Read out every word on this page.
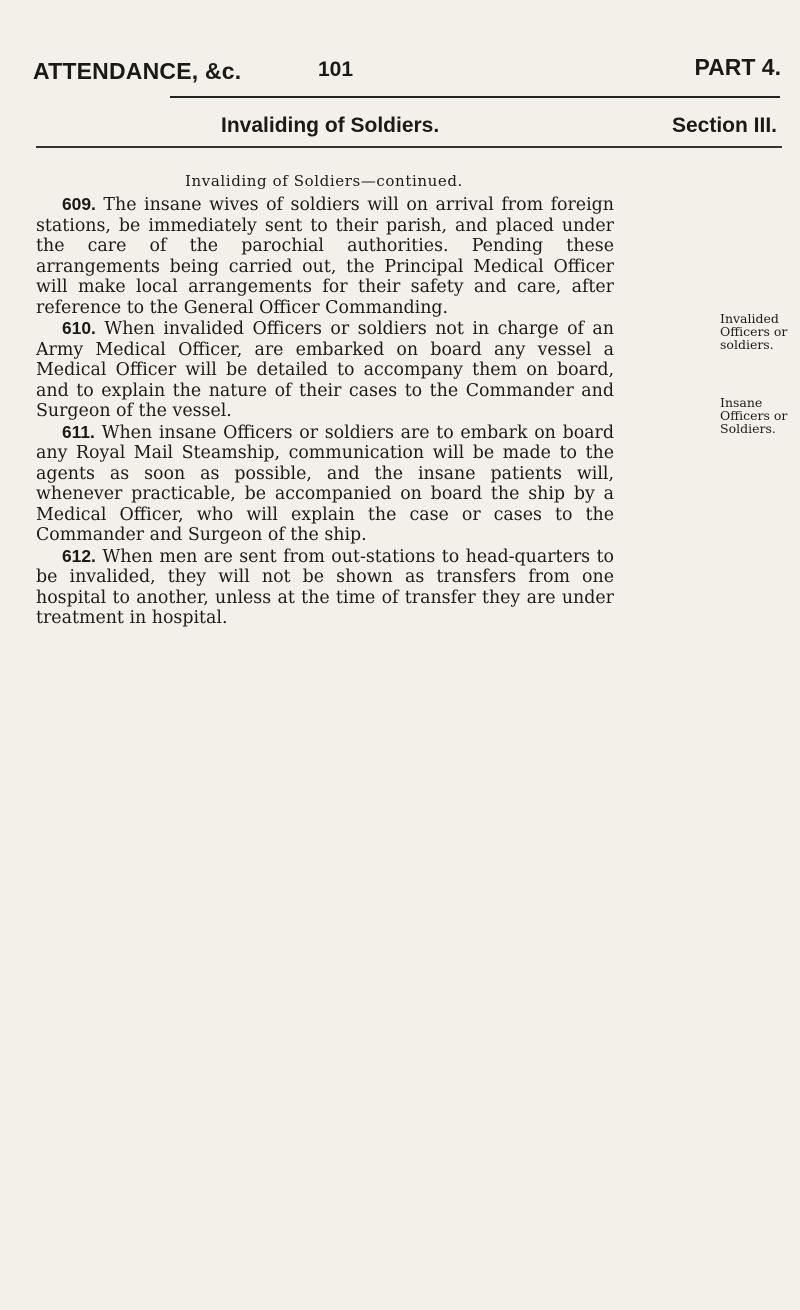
ATTENDANCE, &c.	101	PART 4.
Invaliding of Soldiers.	Section III.
Invaliding of Soldiers—continued.

609. The insane wives of soldiers will on arrival from foreign stations, be immediately sent to their parish, and placed under the care of the parochial authorities. Pending these arrangements being carried out, the Principal Medical Officer will make local arrangements for their safety and care, after reference to the General Officer Commanding.

610. When invalided Officers or soldiers not in charge of an Army Medical Officer, are embarked on board any vessel a Medical Officer will be detailed to accompany them on board, and to explain the nature of their cases to the Commander and Surgeon of the vessel.

611. When insane Officers or soldiers are to embark on board any Royal Mail Steamship, communication will be made to the agents as soon as possible, and the insane patients will, whenever practicable, be accompanied on board the ship by a Medical Officer, who will explain the case or cases to the Commander and Surgeon of the ship.

612. When men are sent from out-stations to head-quarters to be invalided, they will not be shown as transfers from one hospital to another, unless at the time of transfer they are under treatment in hospital.

Invalided Officers or soldiers.
Insane Officers or Soldiers.
